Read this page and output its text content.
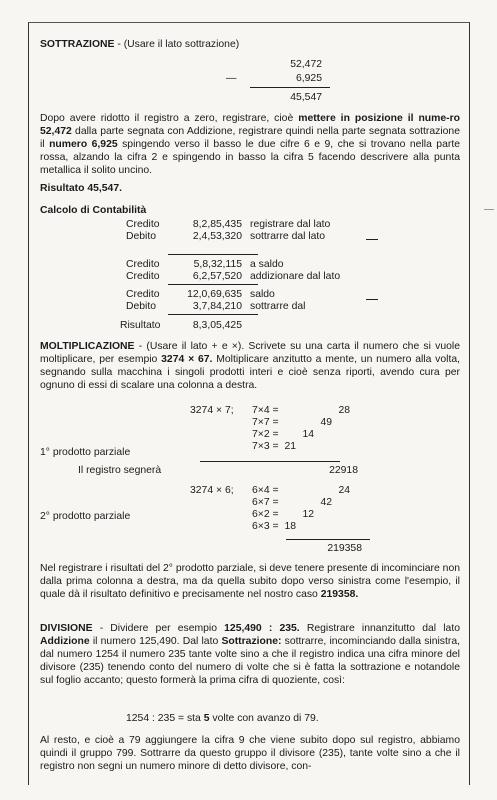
SOTTRAZIONE - (Usare il lato sottrazione)
52,472
—	6,925
45,547

Dopo avere ridotto il registro a zero, registrare, cioè mettere in posizione il nume-ro 52,472 dalla parte segnata con Addizione, registrare quindi nella parte segnata sottrazione il numero 6,925 spingendo verso il basso le due cifre 6 e 9, che si trovano nella parte rossa, alzando la cifra 2 e spingendo in basso la cifra 5 facendo descrivere alla punta metallica il solito uncino.

Risultato 45,547.
Calcolo di Contabilità
Credito	8,2,85,435 registrare dal lato
Debito	2,4,53,320 sottrarre dal lato
Credito	5,8,32,115 a saldo
Credito	6,2,57,520 addizionare dal lato
Credito	12,0,69,635 saldo
Debito	3,7,84,210 sottrarre dal
Risultato	8,3,05,425

MOLTIPLICAZIONE - (Usare il lato + e ×). Scrivete su una carta il numero che si vuole moltiplicare, per esempio 3274 × 67. Moltiplicare anzitutto a mente, un numero alla volta, segnando sulla macchina i singoli prodotti interi e cioè senza riporti, avendo cura per ognuno di essi di scalare una colonna a destra.

3274 × 7; 7×4 =	28
7×7 =	49
7×2 =	14
7×3 = 21
1° prodotto parziale
Il registro segnerà	22918
3274 × 6; 6×4 =	24
6×7 =	42
6×2 =	12
6×3 = 18
2° prodotto parziale
219358

Nel registrare i risultati del 2° prodotto parziale, si deve tenere presente di incominciare non dalla prima colonna a destra, ma da quella subito dopo verso sinistra come l'esempio, il quale dà il risultato definitivo e precisamente nel nostro caso 219358.

DIVISIONE - Dividere per esempio 125,490 : 235. Registrare innanzitutto dal lato Addizione il numero 125,490. Dal lato Sottrazione: sottrarre, incominciando dalla sinistra, dal numero 1254 il numero 235 tante volte sino a che il registro indica una cifra minore del divisore (235) tenendo conto del numero di volte che si è fatta la sottrazione e notandole sul foglio accanto; questo formerà la prima cifra di quoziente, così:

1254 : 235 = sta 5 volte con avanzo di 79.

Al resto, e cioè a 79 aggiungere la cifra 9 che viene subito dopo sul registro, abbiamo quindi il gruppo 799. Sottrarre da questo gruppo il divisore (235), tante volte sino a che il registro non segni un numero minore di detto divisore, con-
